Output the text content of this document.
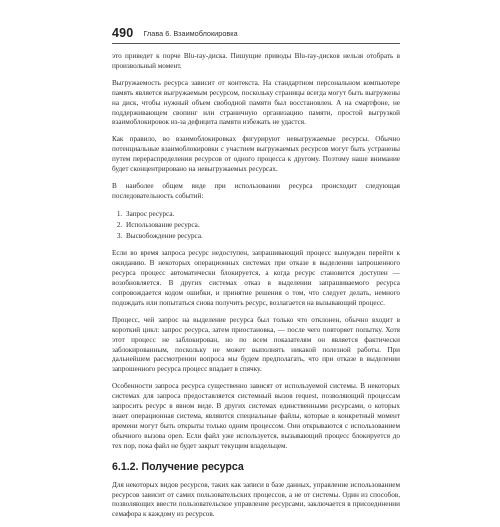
490 Глава 6. Взаимоблокировка

это приведет к порче Blu-ray-диска. Пишущие приводы Blu-ray-дисков нельзя отобрать в произвольный момент.

Выгружаемость ресурса зависит от контекста. На стандартном персональном компьютере память является выгружаемым ресурсом, поскольку страницы всегда могут быть выгружены на диск, чтобы нужный объем свободной памяти был восстановлен. А на смартфоне, не поддерживающем свопинг или страничную организацию памяти, простой выгрузкой взаимоблокировок из-за дефицита памяти избежать не удастся.

Как правило, во взаимоблокировках фигурируют невыгружаемые ресурсы. Обычно потенциальные взаимоблокировки с участием выгружаемых ресурсов могут быть устранены путем перераспределения ресурсов от одного процесса к другому. Поэтому наше внимание будет сконцентрировано на невыгружаемых ресурсах.

В наиболее общем виде при использовании ресурса происходит следующая последовательность событий:

1. Запрос ресурса.
2. Использование ресурса.
3. Высвобождение ресурса.

Если во время запроса ресурс недоступен, запрашивающий процесс вынужден перейти к ожиданию. В некоторых операционных системах при отказе в выделении запрошенного ресурса процесс автоматически блокируется, а когда ресурс становится доступен — возобновляется. В других системах отказ в выделении запрашиваемого ресурса сопровождается кодом ошибки, и принятие решения о том, что следует делать, немного подождать или попытаться снова получить ресурс, возлагается на вызывающий процесс.

Процесс, чей запрос на выделение ресурса был только что отклонен, обычно входит в короткий цикл: запрос ресурса, затем приостановка, — после чего повторяет попытку. Хотя этот процесс не заблокирован, но по всем показателям он является фактически заблокированным, поскольку не может выполнять никакой полезной работы. При дальнейшем рассмотрении вопроса мы будем предполагать, что при отказе в выделении запрошенного ресурса процесс впадает в спячку.

Особенности запроса ресурса существенно зависят от используемой системы. В некоторых системах для запроса предоставляется системный вызов request, позволяющий процессам запросить ресурс в явном виде. В других системах единственными ресурсами, о которых знает операционная система, являются специальные файлы, которые в конкретный момент времени могут быть открыты только одним процессом. Они открываются с использованием обычного вызова open. Если файл уже используется, вызывающий процесс блокируется до тех пор, пока файл не будет закрыт текущим владельцем.

6.1.2. Получение ресурса

Для некоторых видов ресурсов, таких как записи в базе данных, управление использованием ресурсов зависит от самих пользовательских процессов, а не от системы. Один из способов, позволяющих ввести пользовательское управление ресурсами, заключается в присоединении семафора к каждому из ресурсов.
